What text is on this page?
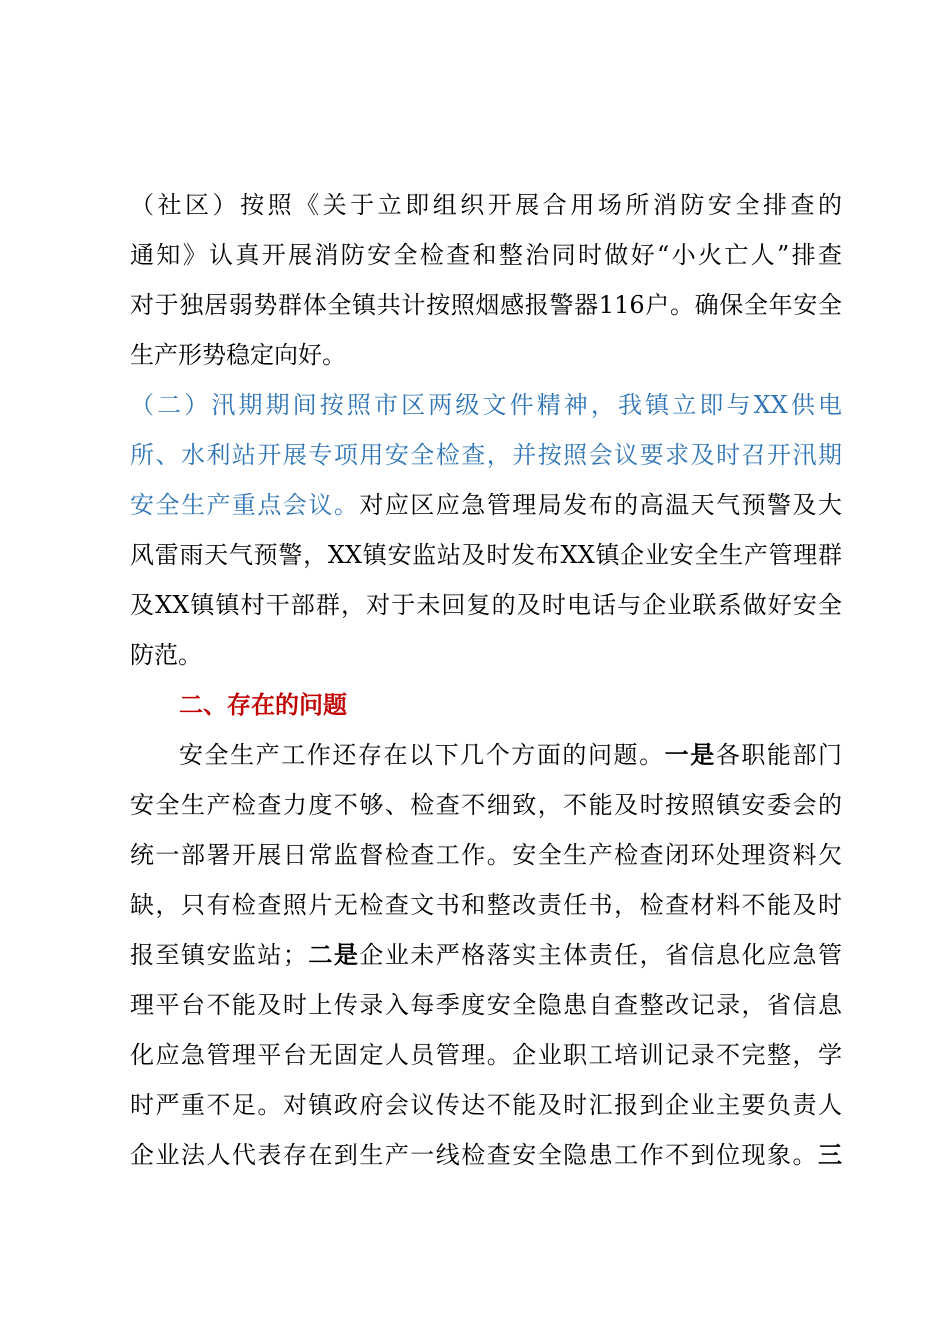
（社区）按照《关于立即组织开展合用场所消防安全排查的
通知》认真开展消防安全检查和整治同时做好“小火亡人”排查
对于独居弱势群体全镇共计按照烟感报警器116户。确保全年安全
生产形势稳定向好。
（二）汛期期间按照市区两级文件精神，我镇立即与XX供电
所、水利站开展专项用安全检查，并按照会议要求及时召开汛期
安全生产重点会议。对应区应急管理局发布的高温天气预警及大
风雷雨天气预警，XX镇安监站及时发布XX镇企业安全生产管理群
及XX镇镇村干部群，对于未回复的及时电话与企业联系做好安全
防范。
二、存在的问题
安全生产工作还存在以下几个方面的问题。一是各职能部门
安全生产检查力度不够、检查不细致，不能及时按照镇安委会的
统一部署开展日常监督检查工作。安全生产检查闭环处理资料欠
缺，只有检查照片无检查文书和整改责任书，检查材料不能及时
报至镇安监站；二是企业未严格落实主体责任，省信息化应急管
理平台不能及时上传录入每季度安全隐患自查整改记录，省信息
化应急管理平台无固定人员管理。企业职工培训记录不完整，学
时严重不足。对镇政府会议传达不能及时汇报到企业主要负责人
企业法人代表存在到生产一线检查安全隐患工作不到位现象。三
